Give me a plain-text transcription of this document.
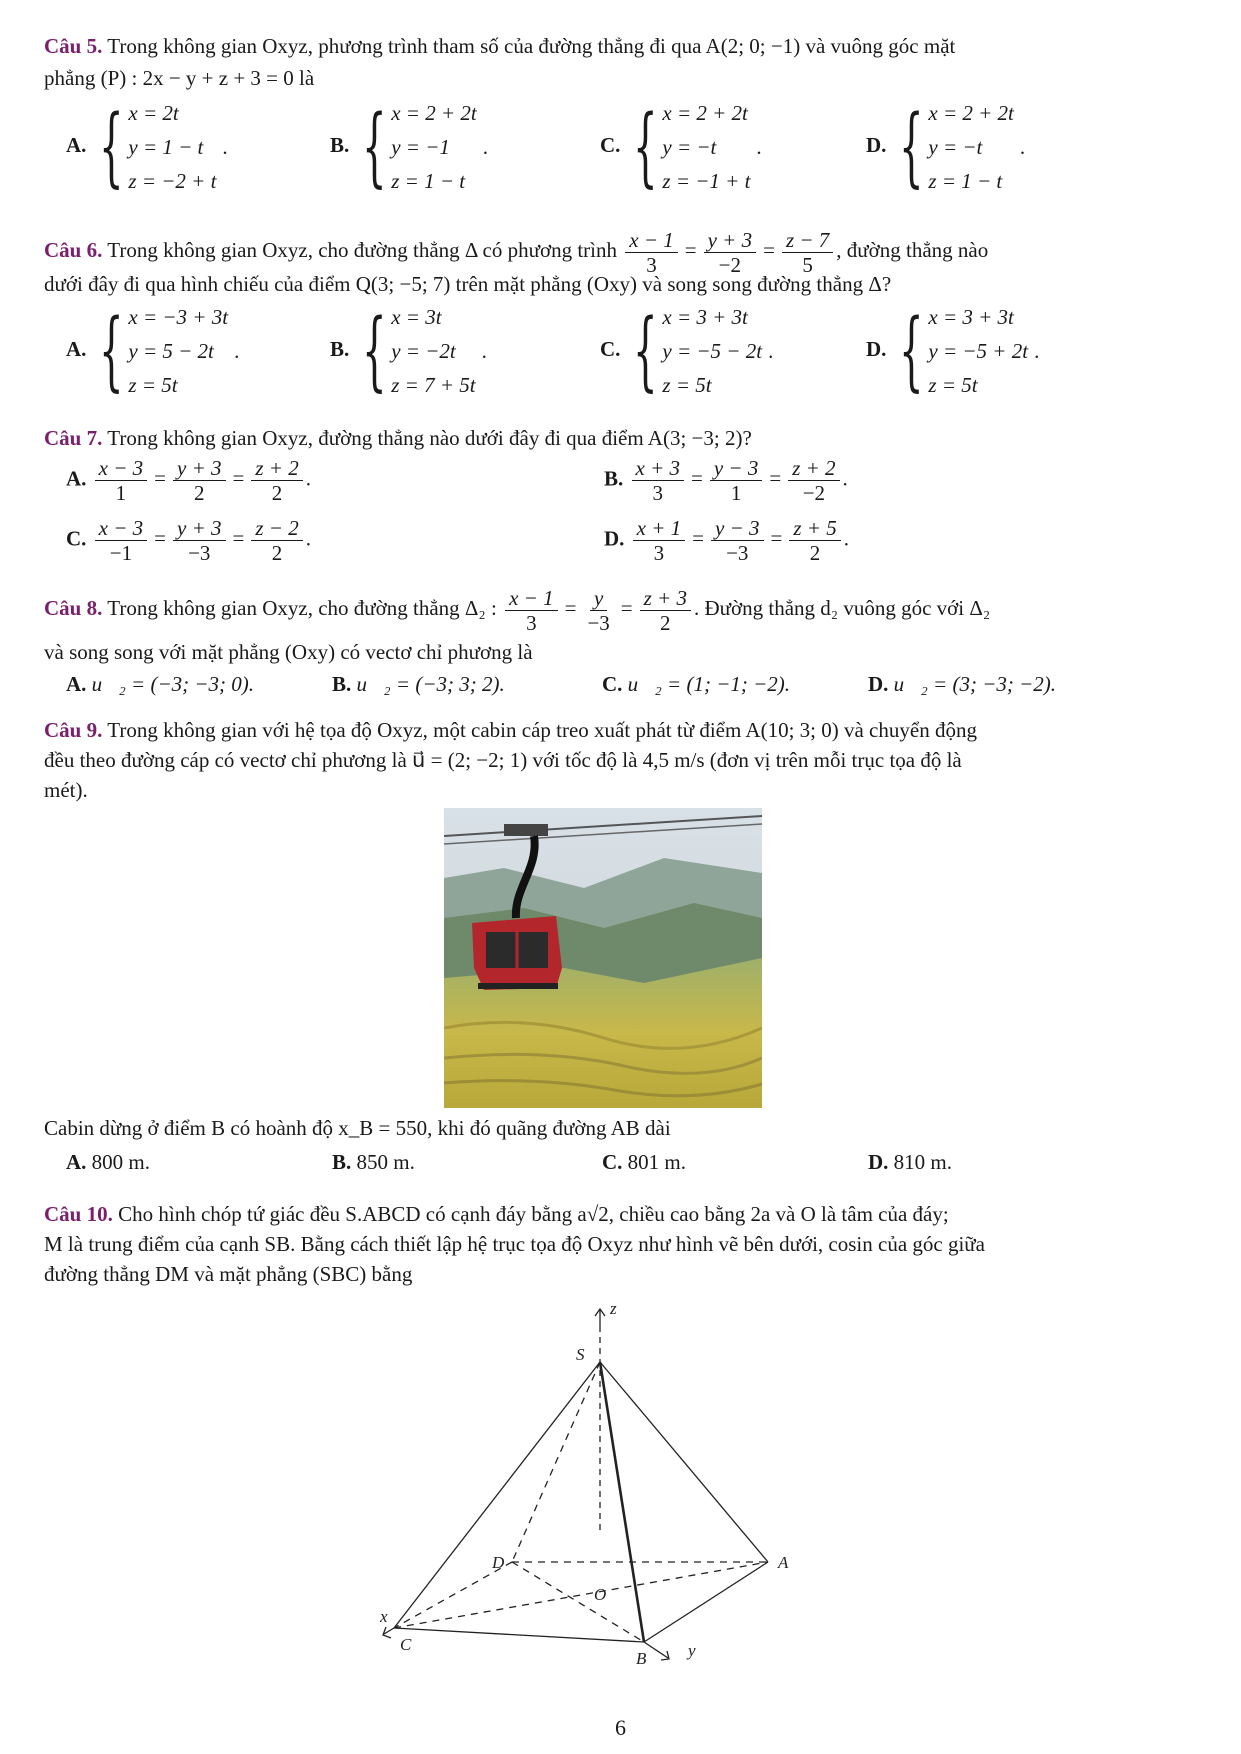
Câu 5. Trong không gian Oxyz, phương trình tham số của đường thẳng đi qua A(2; 0; −1) và vuông góc mặt
phẳng (P) : 2x − y + z + 3 = 0 là
A. { x = 2t
y = 1 − t
z = −2 + t
.	B. { x = 2 + 2t
y = −1
z = 1 − t
.	C. { x = 2 + 2t
y = −t
z = −1 + t
.	D. { x = 2 + 2t
y = −t
z = 1 − t
.
Câu 6. Trong không gian Oxyz, cho đường thẳng Δ có phương trình $\frac{x - 1}{3} = \frac{y + 3}{-2} = \frac{z - 7}{5}$ , đường thẳng nào
dưới đây đi qua hình chiếu của điểm Q(3; −5; 7) trên mặt phẳng (Oxy) và song song đường thẳng Δ?
A. { x = −3 + 3t
y = 5 − 2t
z = 5t
.	B. { x = 3t
y = −2t
z = 7 + 5t
.	C. { x = 3 + 3t
y = −5 − 2t
z = 5t
.	D. { x = 3 + 3t
y = −5 + 2t
z = 5t
.
Câu 7. Trong không gian Oxyz, đường thẳng nào dưới đây đi qua điểm A(3; −3; 2)?
A. $\frac{x - 3}{1} = \frac{y + 3}{2} = \frac{z + 2}{2}$ .	B. $\frac{x + 3}{3} = \frac{y - 3}{1} = \frac{z + 2}{-2}$ .
C. $\frac{x - 3}{-1} = \frac{y + 3}{-3} = \frac{z - 2}{2}$ .	D. $\frac{x + 1}{3} = \frac{y - 3}{-3} = \frac{z + 5}{2}$ .
Câu 8. Trong không gian Oxyz, cho đường thẳng Δ₂ : $\frac{x - 1}{3} = \frac{y}{-3} = \frac{z + 3}{2}$ . Đường thẳng d₂ vuông góc với Δ₂
và song song với mặt phẳng (Oxy) có vectơ chỉ phương là
A. u⃗₂ = (−3; −3; 0).	B. u⃗₂ = (−3; 3; 2).	C. u⃗₂ = (1; −1; −2).	D. u⃗₂ = (3; −3; −2).
Câu 9. Trong không gian với hệ tọa độ Oxyz, một cabin cáp treo xuất phát từ điểm A(10; 3; 0) và chuyển động
đều theo đường cáp có vectơ chỉ phương là u⃗ = (2; −2; 1) với tốc độ là 4,5 m/s (đơn vị trên mỗi trục tọa độ là
mét).
Cabin dừng ở điểm B có hoành độ x_B = 550, khi đó quãng đường AB dài
A. 800 m.	B. 850 m.	C. 801 m.	D. 810 m.
Câu 10. Cho hình chóp tứ giác đều S.ABCD có cạnh đáy bằng a√2, chiều cao bằng 2a và O là tâm của đáy;
M là trung điểm của cạnh SB. Bằng cách thiết lập hệ trục tọa độ Oxyz như hình vẽ bên dưới, cosin của góc giữa
đường thẳng DM và mặt phẳng (SBC) bằng
z
S
D	A
O
x
C
B y
6
